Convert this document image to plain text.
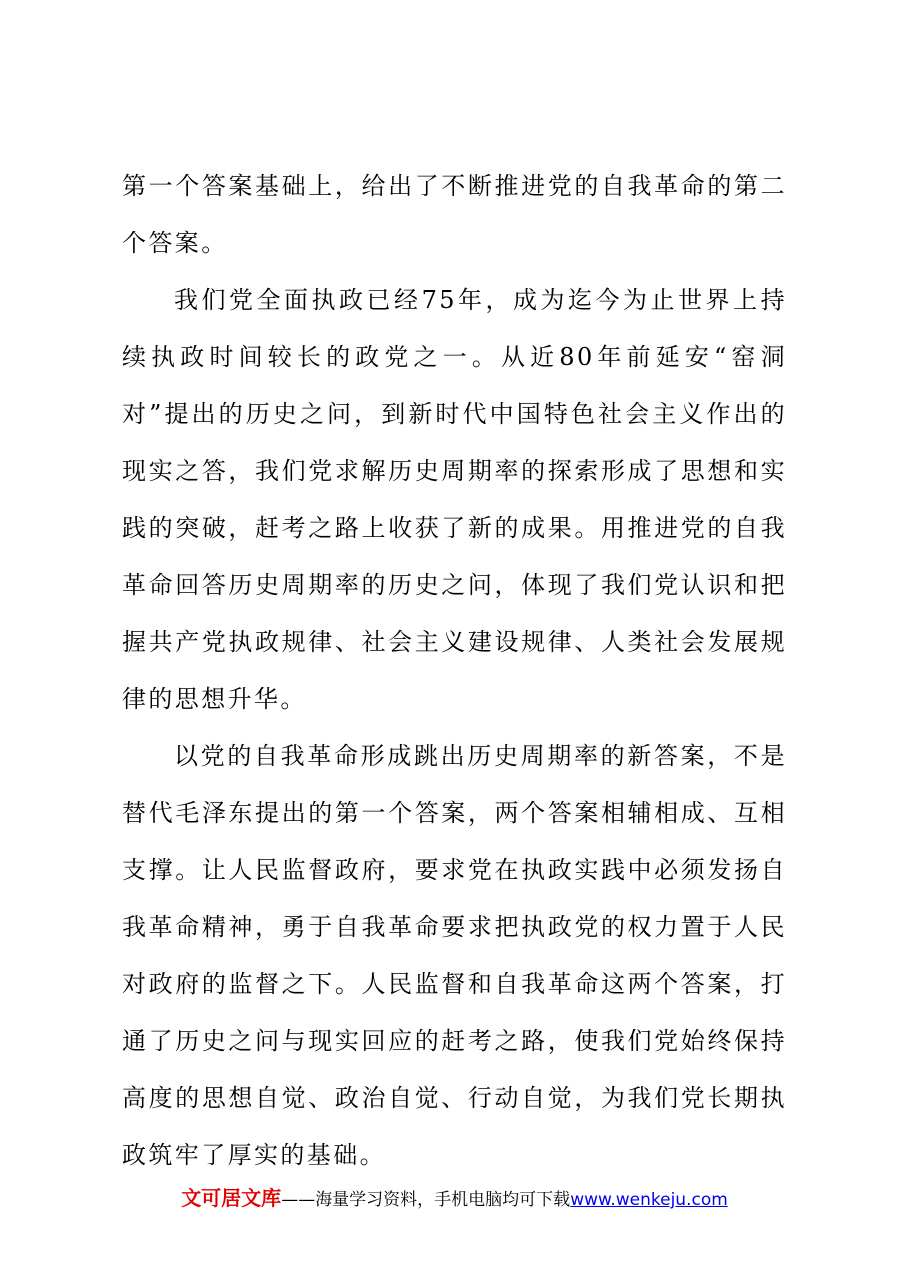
第一个答案基础上，给出了不断推进党的自我革命的第二个答案。

我们党全面执政已经75年，成为迄今为止世界上持续执政时间较长的政党之一。从近80年前延安“窑洞对”提出的历史之问，到新时代中国特色社会主义作出的现实之答，我们党求解历史周期率的探索形成了思想和实践的突破，赶考之路上收获了新的成果。用推进党的自我革命回答历史周期率的历史之问，体现了我们党认识和把握共产党执政规律、社会主义建设规律、人类社会发展规律的思想升华。

以党的自我革命形成跳出历史周期率的新答案，不是替代毛泽东提出的第一个答案，两个答案相辅相成、互相支撑。让人民监督政府，要求党在执政实践中必须发扬自我革命精神，勇于自我革命要求把执政党的权力置于人民对政府的监督之下。人民监督和自我革命这两个答案，打通了历史之问与现实回应的赶考之路，使我们党始终保持高度的思想自觉、政治自觉、行动自觉，为我们党长期执政筑牢了厚实的基础。

文可居文库——海量学习资料，手机电脑均可下载www.wenkeju.com
